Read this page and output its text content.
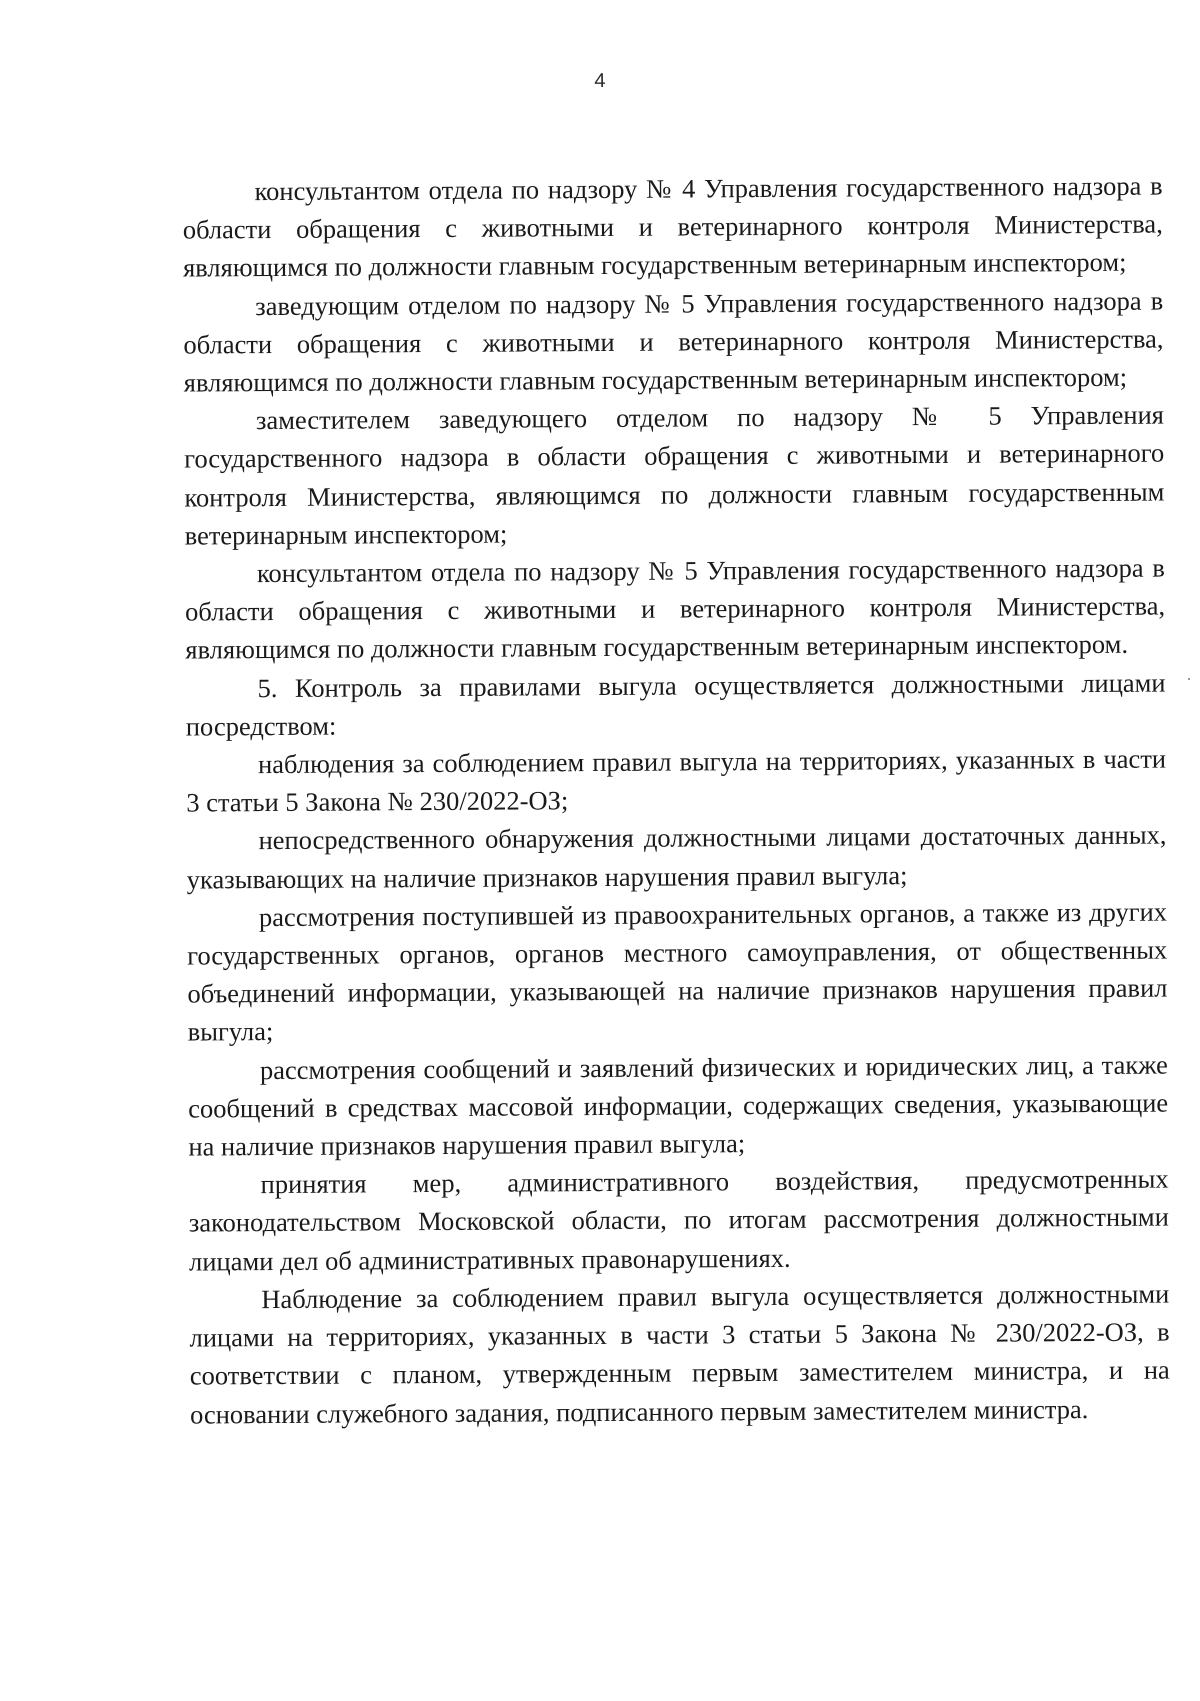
4

консультантом отдела по надзору № 4 Управления государственного надзора в области обращения с животными и ветеринарного контроля Министерства, являющимся по должности главным государственным ветеринарным инспектором;

заведующим отделом по надзору № 5 Управления государственного надзора в области обращения с животными и ветеринарного контроля Министерства, являющимся по должности главным государственным ветеринарным инспектором;

заместителем заведующего отделом по надзору № 5 Управления государственного надзора в области обращения с животными и ветеринарного контроля Министерства, являющимся по должности главным государственным ветеринарным инспектором;

консультантом отдела по надзору № 5 Управления государственного надзора в области обращения с животными и ветеринарного контроля Министерства, являющимся по должности главным государственным ветеринарным инспектором.

5. Контроль за правилами выгула осуществляется должностными лицами посредством:

наблюдения за соблюдением правил выгула на территориях, указанных в части 3 статьи 5 Закона № 230/2022-ОЗ;

непосредственного обнаружения должностными лицами достаточных данных, указывающих на наличие признаков нарушения правил выгула;

рассмотрения поступившей из правоохранительных органов, а также из других государственных органов, органов местного самоуправления, от общественных объединений информации, указывающей на наличие признаков нарушения правил выгула;

рассмотрения сообщений и заявлений физических и юридических лиц, а также сообщений в средствах массовой информации, содержащих сведения, указывающие на наличие признаков нарушения правил выгула;

принятия мер, административного воздействия, предусмотренных законодательством Московской области, по итогам рассмотрения должностными лицами дел об административных правонарушениях.

Наблюдение за соблюдением правил выгула осуществляется должностными лицами на территориях, указанных в части 3 статьи 5 Закона № 230/2022-ОЗ, в соответствии с планом, утвержденным первым заместителем министра, и на основании служебного задания, подписанного первым заместителем министра.
